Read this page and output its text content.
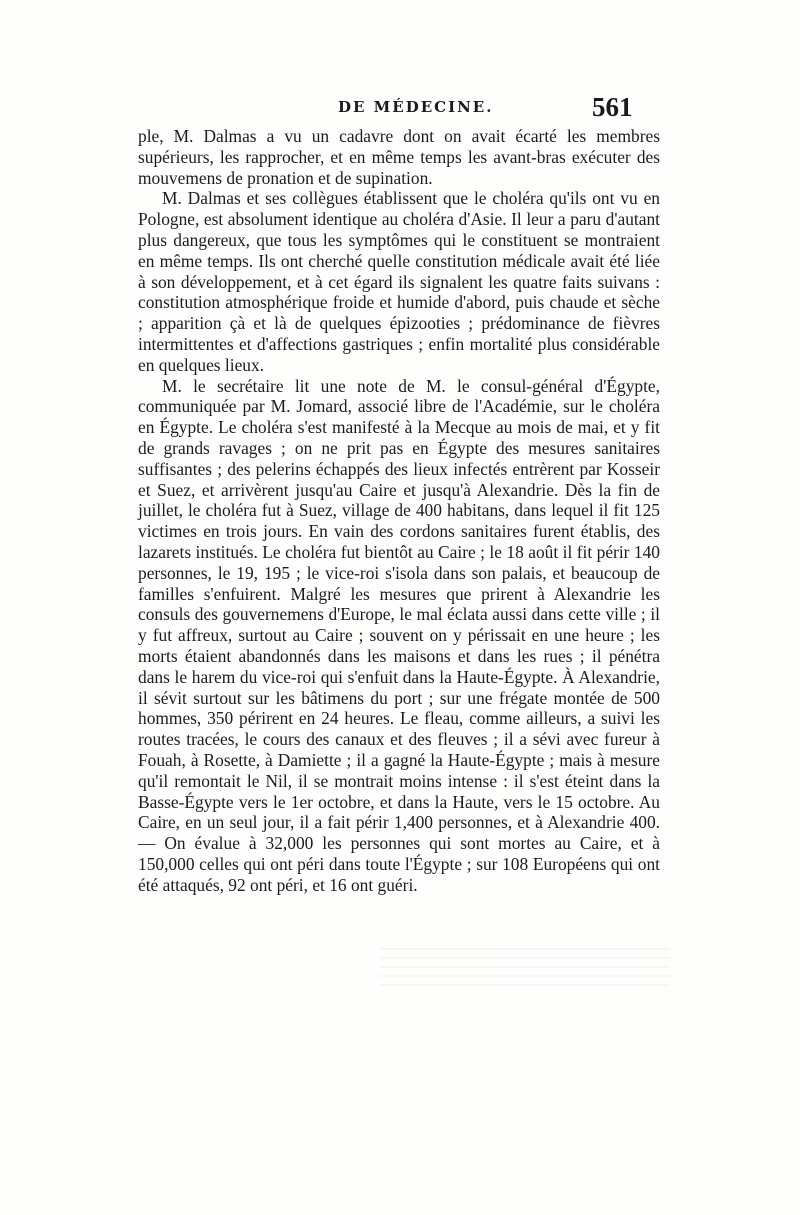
DE MÉDECINE.	561

ple, M. Dalmas a vu un cadavre dont on avait écarté les membres supérieurs, les rapprocher, et en même temps les avant-bras exécuter des mouvemens de pronation et de supination.

M. Dalmas et ses collègues établissent que le choléra qu'ils ont vu en Pologne, est absolument identique au choléra d'Asie. Il leur a paru d'autant plus dangereux, que tous les symptômes qui le constituent se montraient en même temps. Ils ont cherché quelle constitution médicale avait été liée à son développement, et à cet égard ils signalent les quatre faits suivans : constitution atmosphérique froide et humide d'abord, puis chaude et sèche ; apparition çà et là de quelques épizooties ; prédominance de fièvres intermittentes et d'affections gastriques ; enfin mortalité plus considérable en quelques lieux.

M. le secrétaire lit une note de M. le consul-général d'Égypte, communiquée par M. Jomard, associé libre de l'Académie, sur le choléra en Égypte. Le choléra s'est manifesté à la Mecque au mois de mai, et y fit de grands ravages ; on ne prit pas en Égypte des mesures sanitaires suffisantes ; des pelerins échappés des lieux infectés entrèrent par Kosseir et Suez, et arrivèrent jusqu'au Caire et jusqu'à Alexandrie. Dès la fin de juillet, le choléra fut à Suez, village de 400 habitans, dans lequel il fit 125 victimes en trois jours. En vain des cordons sanitaires furent établis, des lazarets institués. Le choléra fut bientôt au Caire ; le 18 août il fit périr 140 personnes, le 19, 195 ; le vice-roi s'isola dans son palais, et beaucoup de familles s'enfuirent. Malgré les mesures que prirent à Alexandrie les consuls des gouvernemens d'Europe, le mal éclata aussi dans cette ville ; il y fut affreux, surtout au Caire ; souvent on y périssait en une heure ; les morts étaient abandonnés dans les maisons et dans les rues ; il pénétra dans le harem du vice-roi qui s'enfuit dans la Haute-Égypte. À Alexandrie, il sévit surtout sur les bâtimens du port ; sur une frégate montée de 500 hommes, 350 périrent en 24 heures. Le fleau, comme ailleurs, a suivi les routes tracées, le cours des canaux et des fleuves ; il a sévi avec fureur à Fouah, à Rosette, à Damiette ; il a gagné la Haute-Égypte ; mais à mesure qu'il remontait le Nil, il se montrait moins intense : il s'est éteint dans la Basse-Égypte vers le 1er octobre, et dans la Haute, vers le 15 octobre. Au Caire, en un seul jour, il a fait périr 1,400 personnes, et à Alexandrie 400. — On évalue à 32,000 les personnes qui sont mortes au Caire, et à 150,000 celles qui ont péri dans toute l'Égypte ; sur 108 Européens qui ont été attaqués, 92 ont péri, et 16 ont guéri.
